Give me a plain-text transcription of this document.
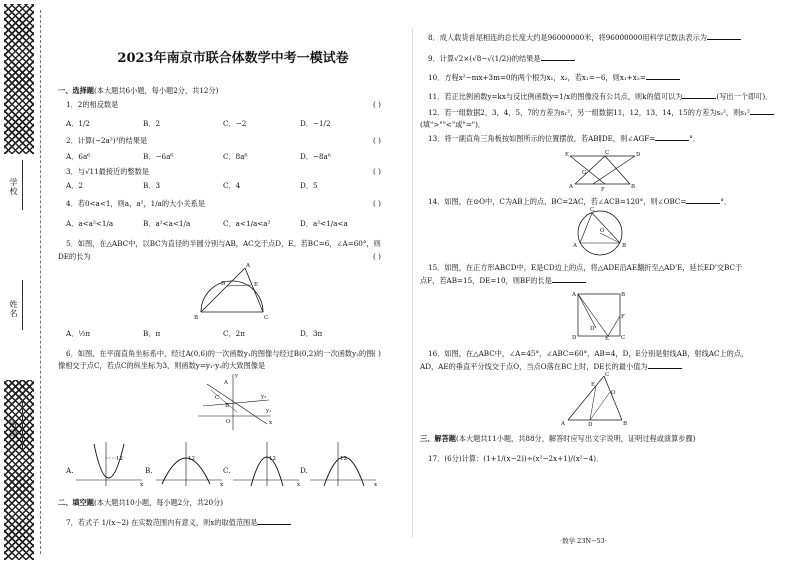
学校
姓名
班级
2023年南京市联合体数学中考一模试卷
一、选择题(本大题共6小题，每小题2分，共12分)
1．2的相反数是	( )
A．1/2	B．2	C．−2	D．−1/2
2．计算(−2a²)³的结果是	( )
A．6a⁶	B．−6a⁶	C．8a⁶	D．−8a⁶
3．与√11最接近的整数是	( )
A．2	B．3	C．4	D．5
4．若0<a<1，则a，a²，1/a的大小关系是	( )
A．a<a²<1/a	B．a²<a<1/a	C．a<1/a<a²	D．a²<1/a<a
5．如图，在△ABC中，以BC为直径的半圆分别与AB，AC交于点D，E。若BC=6，∠A=60°，则
DE的长为	( )
A
D	E
B	C
A．½π	B．π	C．2π	D．3π
6．如图，在平面直角坐标系中，经过A(0,6)的一次函数y₁的图像与经过B(0,2)的一次函数y₂的图
像相交于点C，若点C的纵坐标为3，则函数y=y₁·y₂的大致图像是
( )
A
C
B
O	x
y
y₁
y₂
12
x
A.
12
x
B.
12
x
C.
12
x
D.
二、填空题(本大题共10小题，每小题2分，共20分)
7．若式子 1/(x−2) 在实数范围内有意义，则x的取值范围是
8．成人载货首尾相连的总长度大约是96000000米，将96000000用科学记数法表示为
9．计算√2×(√8−√(1/2))的结果是
10．方程x²−mx+3m=0的两个根为x₁，x₂，若x₁=−6，则x₁+x₂=
11．若正比例函数y=kx与反比例函数y=1/x的图像没有公共点，则k的值可以为	(写出一个即可)．
12．若一组数据2，3，4，5，7的方差为s₁²，另一组数据11，12，13，14，15的方差为s₂²，则s₁²
(填">""<"或"=")．
13．将一副直角三角板按如图所示的位置摆放，若AB∥DE，则∠AGF=	°．
E	C	D
A
G
B
F
14．如图，在⊙O中，C为AB上的点，BC=2AC，若∠ACB=120°，则∠OBC=	°．
C
O
A	B
15．如图，在正方形ABCD中，E是CD边上的点，将△ADE沿AE翻折至△AD'E，延长ED'交BC于
点F，若AB=15，DE=10，则BF的长是
A
D
D'
E
B
F
C
16．如图，在△ABC中，∠A=45°，∠ABC=60°，AB=4，D，E分别是射线AB，射线AC上的点，
AD，AE的垂直平分线交于点O，当点O落在BC上时，DE长的最小值为
C
E
O
A	D	B
三、解答题(本大题共11小题，共88分，解答时应写出文字说明，证明过程或演算步骤)
17．(6分)计算：(1+1/(x−2))÷(x²−2x+1)/(x²−4)．
·数学 23N−53·
